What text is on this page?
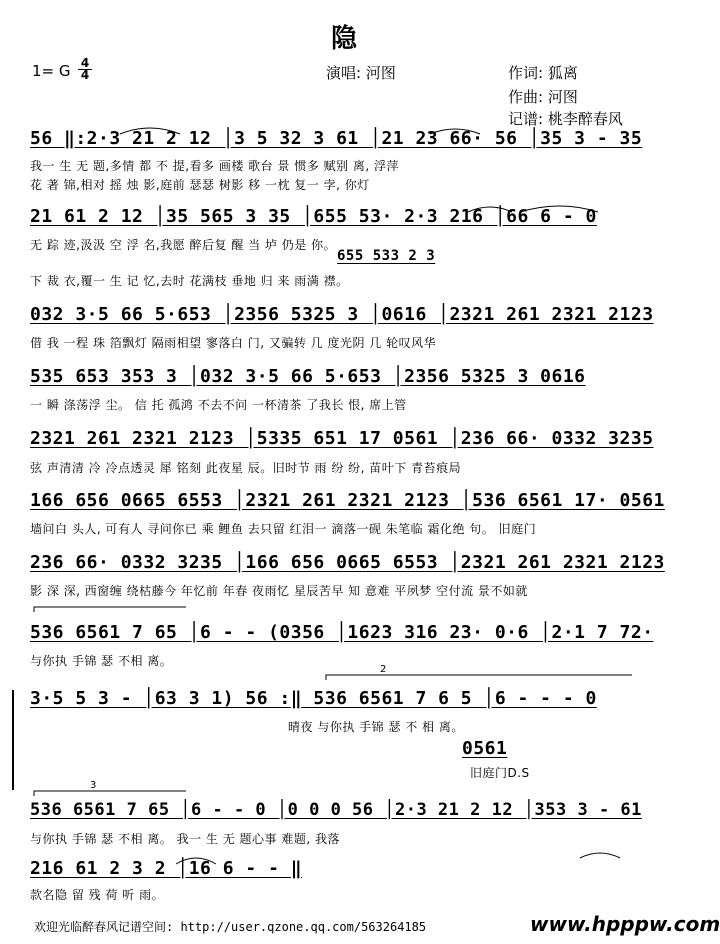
隐
1= G 4
4	演唱: 河图	作词: 狐离
作曲: 河图
记谱: 桃李醉春风
56 ‖:2·3 21 2 12 │3 5 32 3 61 │21 23 66· 56 │35 3 - 35
我一 生 无 题,多情 都 不 提,看多 画楼 歌台 景 惯多 赋别 离, 浮萍
花 著 锦,相对 摇 烛 影,庭前 瑟瑟 树影 移 一枕 复一 孛, 你灯
21 61 2 12 │35 565 3 35 │655 53· 2·3 216 │66 6 - 0
655 533 2 3
无 踪 迹,汲汲 空 浮 名,我愿 醉后复 醒 当 垆 仍是 你。
下 裁 衣,覆一 生 记 忆,去时 花满枝 垂地 归 来 雨满 襟。
032 3·5 66 5·653 │2356 5325 3 │0616 │2321 261 2321 2123
借 我 一程 珠 箔飘灯 隔雨相望 寥落白 门, 又骗转 几 度光阴 几 轮叹风华
535 653 353 3 │032 3·5 66 5·653 │2356 5325 3 0616
一 瞬 涤荡浮 尘。 信 托 孤鸿 不去不问 一杯清茶 了我长 恨, 席上管
2321 261 2321 2123 │5335 651 17 0561 │236 66· 0332 3235
弦 声清清 冷 冷点透灵 犀 铭刻 此夜星 辰。旧时节 雨 纷 纷, 苗叶下 青苔痕局
166 656 0665 6553 │2321 261 2321 2123 │536 6561 17· 0561
墙问白 头人, 可有人 寻问你已 乘 鲤鱼 去只留 红泪一 滴落一砚 朱笔临 霜化绝 句。 旧庭门
236 66· 0332 3235 │166 656 0665 6553 │2321 261 2321 2123
影 深 深, 西窗缠 绕枯藤今 年忆前 年春 夜雨忆 星辰苦早 知 意难 平夙梦 空付流 景不如就
536 6561 7 65 │6 - - (0356 │1623 316 23· 0·6 │2·1 7 72·
与你执 手锦 瑟 不相 离。
3·5 5 3 - │63 3 1) 56 :‖ 536 6561 7 6 5 │6 - - - 0
晴夜 与你执 手锦 瑟 不 相 离。
0561
旧庭门D.S
536 6561 7 65 │6 - - 0 │0 0 0 56 │2·3 21 2 12 │353 3 - 61
与你执 手锦 瑟 不相 离。 我一 生 无 题心事 难题, 我落
216 61 2 3 2 │16 6 - - ‖
款名隐 留 残 荷 听 雨。
2
3
欢迎光临醉春风记谱空间: http://user.qzone.qq.com/563264185	www.hpppw.com
